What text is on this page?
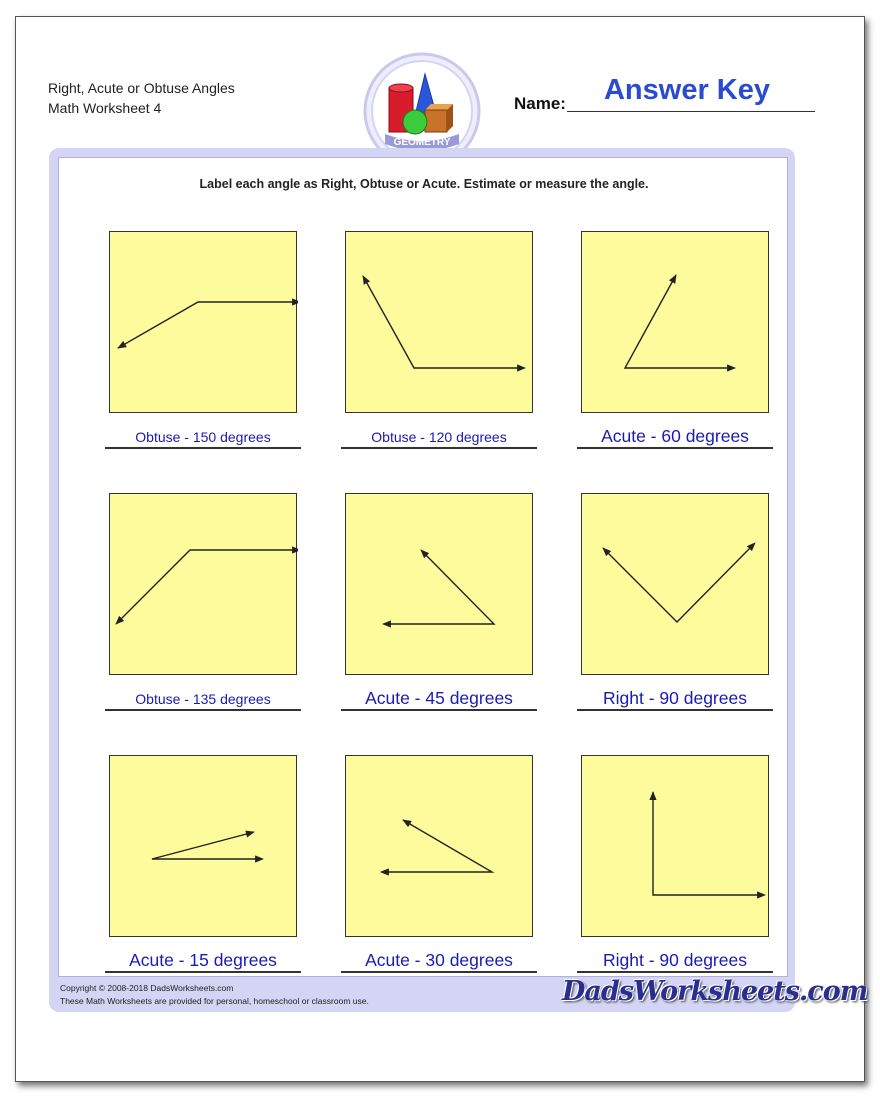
Right, Acute or Obtuse Angles
Math Worksheet 4
GEOMETRY
Name:	Answer Key
Label each angle as Right, Obtuse or Acute. Estimate or measure the angle.
Obtuse - 150 degrees	Obtuse - 120 degrees	Acute - 60 degrees
Obtuse - 135 degrees	Acute - 45 degrees	Right - 90 degrees
Acute - 15 degrees	Acute - 30 degrees	Right - 90 degrees
Copyright © 2008-2018 DadsWorksheets.com
These Math Worksheets are provided for personal, homeschool or classroom use.	DadsWorksheets.com
